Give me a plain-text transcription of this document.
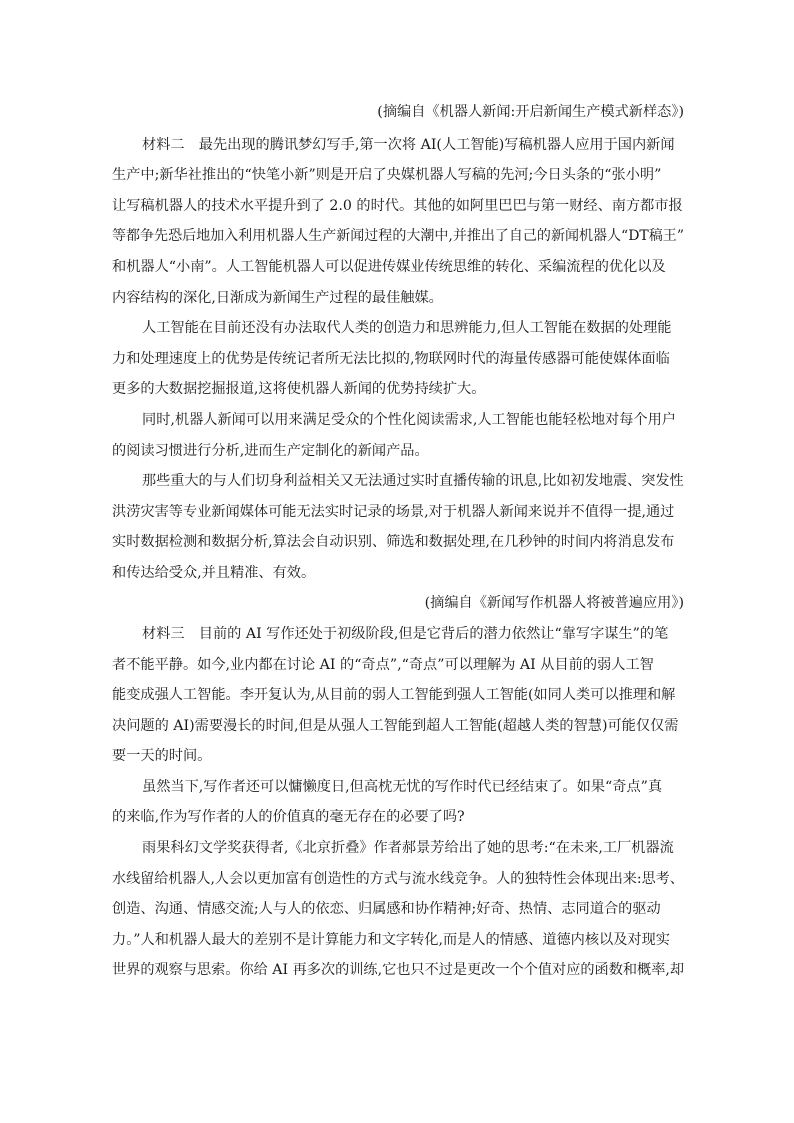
(摘编自《机器人新闻:开启新闻生产模式新样态》)
材料二　最先出现的腾讯梦幻写手,第一次将 AI(人工智能)写稿机器人应用于国内新闻
生产中;新华社推出的“快笔小新”则是开启了央媒机器人写稿的先河;今日头条的“张小明”
让写稿机器人的技术水平提升到了 2.0 的时代。其他的如阿里巴巴与第一财经、南方都市报
等都争先恐后地加入利用机器人生产新闻过程的大潮中,并推出了自己的新闻机器人“DT稿王”
和机器人“小南”。人工智能机器人可以促进传媒业传统思维的转化、采编流程的优化以及
内容结构的深化,日渐成为新闻生产过程的最佳触媒。
人工智能在目前还没有办法取代人类的创造力和思辨能力,但人工智能在数据的处理能
力和处理速度上的优势是传统记者所无法比拟的,物联网时代的海量传感器可能使媒体面临
更多的大数据挖掘报道,这将使机器人新闻的优势持续扩大。
同时,机器人新闻可以用来满足受众的个性化阅读需求,人工智能也能轻松地对每个用户
的阅读习惯进行分析,进而生产定制化的新闻产品。
那些重大的与人们切身利益相关又无法通过实时直播传输的讯息,比如初发地震、突发性
洪涝灾害等专业新闻媒体可能无法实时记录的场景,对于机器人新闻来说并不值得一提,通过
实时数据检测和数据分析,算法会自动识别、筛选和数据处理,在几秒钟的时间内将消息发布
和传达给受众,并且精准、有效。
(摘编自《新闻写作机器人将被普遍应用》)
材料三　目前的 AI 写作还处于初级阶段,但是它背后的潜力依然让“靠写字谋生”的笔
者不能平静。如今,业内都在讨论 AI 的“奇点”,“奇点”可以理解为 AI 从目前的弱人工智
能变成强人工智能。李开复认为,从目前的弱人工智能到强人工智能(如同人类可以推理和解
决问题的 AI)需要漫长的时间,但是从强人工智能到超人工智能(超越人类的智慧)可能仅仅需
要一天的时间。
虽然当下,写作者还可以慵懒度日,但高枕无忧的写作时代已经结束了。如果“奇点”真
的来临,作为写作者的人的价值真的毫无存在的必要了吗?
雨果科幻文学奖获得者,《北京折叠》作者郝景芳给出了她的思考:“在未来,工厂机器流
水线留给机器人,人会以更加富有创造性的方式与流水线竞争。人的独特性会体现出来:思考、
创造、沟通、情感交流;人与人的依恋、归属感和协作精神;好奇、热情、志同道合的驱动
力。”人和机器人最大的差别不是计算能力和文字转化,而是人的情感、道德内核以及对现实
世界的观察与思索。你给 AI 再多次的训练,它也只不过是更改一个个值对应的函数和概率,却
